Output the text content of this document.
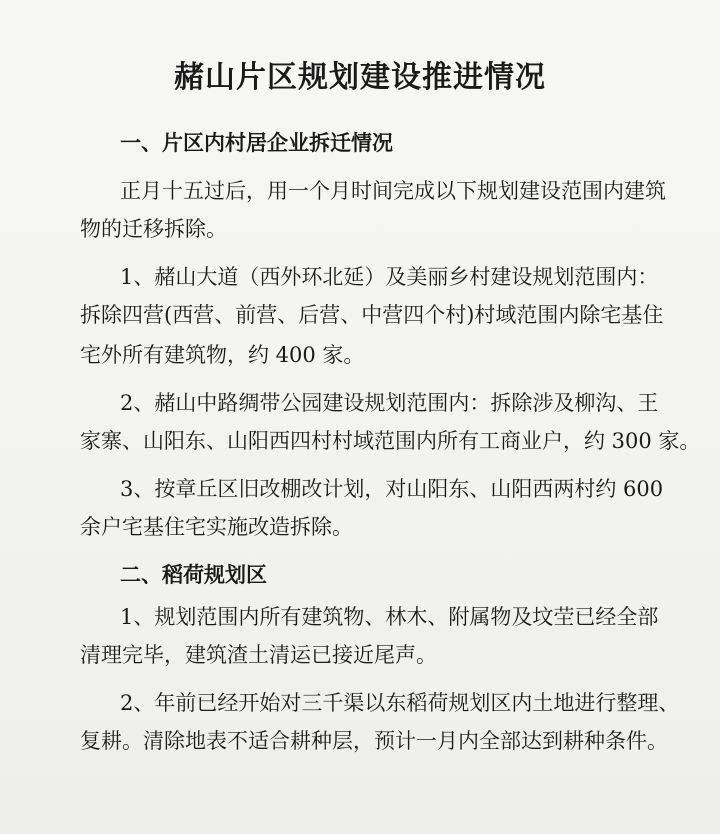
赭山片区规划建设推进情况
一、片区内村居企业拆迁情况
正月十五过后，用一个月时间完成以下规划建设范围内建筑
物的迁移拆除。
1、赭山大道（西外环北延）及美丽乡村建设规划范围内：
拆除四营(西营、前营、后营、中营四个村)村域范围内除宅基住
宅外所有建筑物，约 400 家。
2、赭山中路绸带公园建设规划范围内：拆除涉及柳沟、王
家寨、山阳东、山阳西四村村域范围内所有工商业户，约 300 家。
3、按章丘区旧改棚改计划，对山阳东、山阳西两村约 600
余户宅基住宅实施改造拆除。
二、稻荷规划区
1、规划范围内所有建筑物、林木、附属物及坟茔已经全部
清理完毕，建筑渣土清运已接近尾声。
2、年前已经开始对三千渠以东稻荷规划区内土地进行整理、
复耕。清除地表不适合耕种层，预计一月内全部达到耕种条件。
